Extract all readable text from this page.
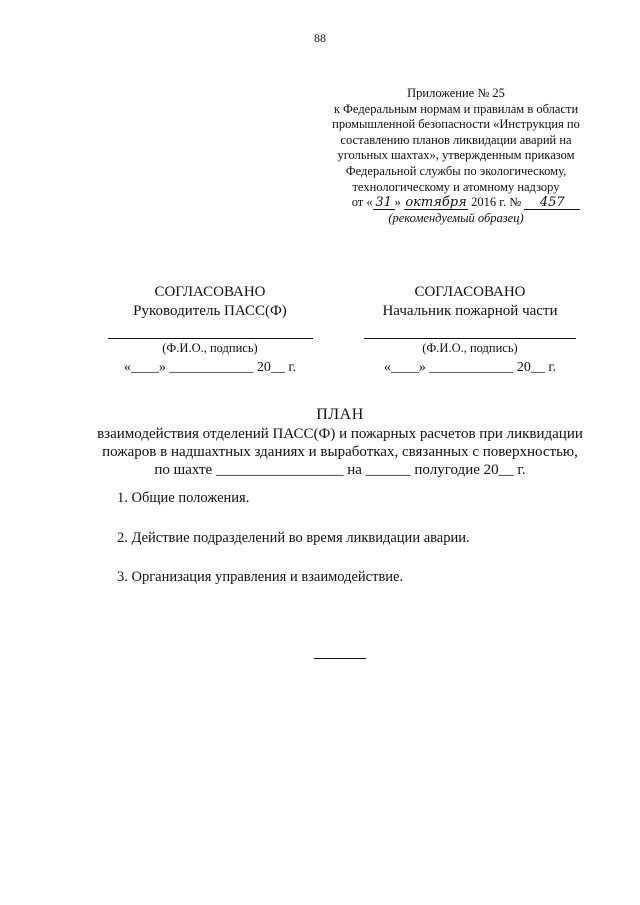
88
Приложение № 25
к Федеральным нормам и правилам в области
промышленной безопасности «Инструкция по
составлению планов ликвидации аварий на
угольных шахтах», утвержденным приказом
Федеральной службы по экологическому,
технологическому и атомному надзору
от « 31 » октября 2016 г. № 457
(рекомендуемый образец)
СОГЛАСОВАНО
Руководитель ПАСС(Ф)
(Ф.И.О., подпись)
«____» ____________ 20__ г.
СОГЛАСОВАНО
Начальник пожарной части
(Ф.И.О., подпись)
«____» ____________ 20__ г.
ПЛАН
взаимодействия отделений ПАСС(Ф) и пожарных расчетов при ликвидации
пожаров в надшахтных зданиях и выработках, связанных с поверхностью,
по шахте _________________ на ______ полугодие 20__ г.
1. Общие положения.
2. Действие подразделений во время ликвидации аварии.
3. Организация управления и взаимодействие.
